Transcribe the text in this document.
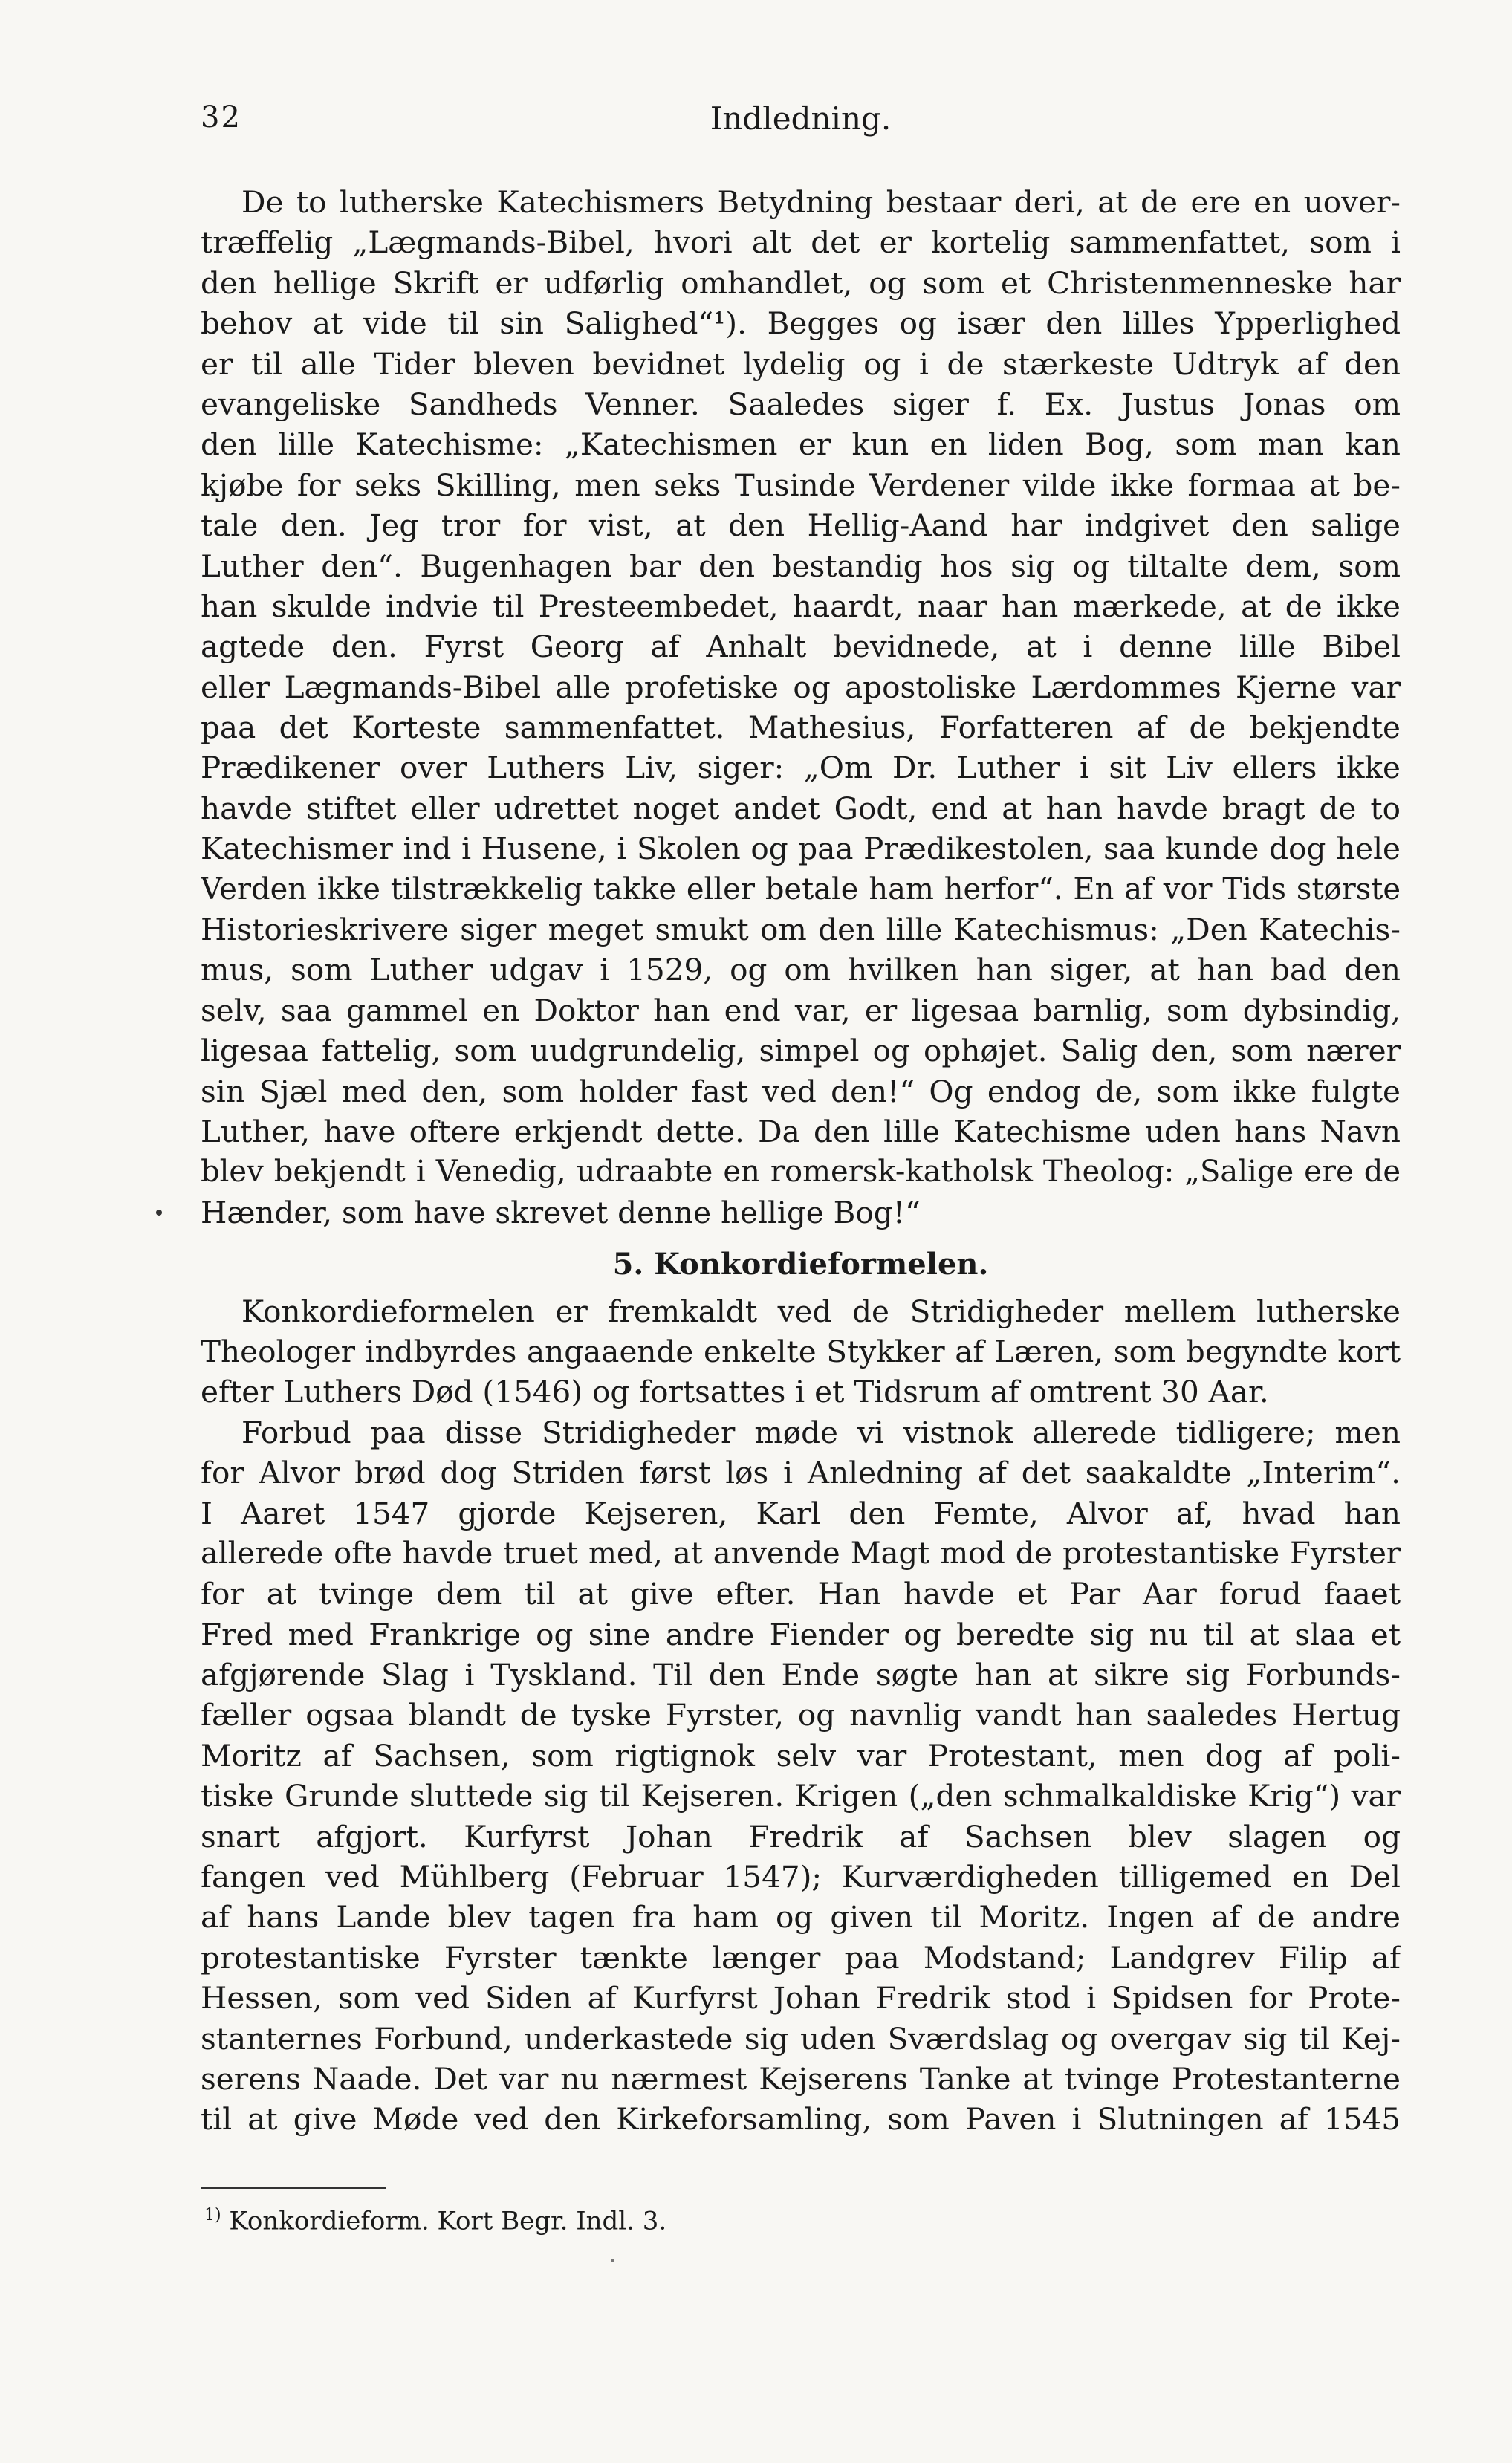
32	Indledning.
De to lutherske Katechismers Betydning bestaar deri, at de ere en uover-
træffelig „Lægmands-Bibel, hvori alt det er kortelig sammenfattet, som i
den hellige Skrift er udførlig omhandlet, og som et Christenmenneske har
behov at vide til sin Salighed“¹). Begges og især den lilles Ypperlighed
er til alle Tider bleven bevidnet lydelig og i de stærkeste Udtryk af den
evangeliske Sandheds Venner. Saaledes siger f. Ex. Justus Jonas om
den lille Katechisme: „Katechismen er kun en liden Bog, som man kan
kjøbe for seks Skilling, men seks Tusinde Verdener vilde ikke formaa at be-
tale den. Jeg tror for vist, at den Hellig-Aand har indgivet den salige
Luther den“. Bugenhagen bar den bestandig hos sig og tiltalte dem, som
han skulde indvie til Presteembedet, haardt, naar han mærkede, at de ikke
agtede den. Fyrst Georg af Anhalt bevidnede, at i denne lille Bibel
eller Lægmands-Bibel alle profetiske og apostoliske Lærdommes Kjerne var
paa det Korteste sammenfattet. Mathesius, Forfatteren af de bekjendte
Prædikener over Luthers Liv, siger: „Om Dr. Luther i sit Liv ellers ikke
havde stiftet eller udrettet noget andet Godt, end at han havde bragt de to
Katechismer ind i Husene, i Skolen og paa Prædikestolen, saa kunde dog hele
Verden ikke tilstrækkelig takke eller betale ham herfor“. En af vor Tids største
Historieskrivere siger meget smukt om den lille Katechismus: „Den Katechis-
mus, som Luther udgav i 1529, og om hvilken han siger, at han bad den
selv, saa gammel en Doktor han end var, er ligesaa barnlig, som dybsindig,
ligesaa fattelig, som uudgrundelig, simpel og ophøjet. Salig den, som nærer
sin Sjæl med den, som holder fast ved den!“ Og endog de, som ikke fulgte
Luther, have oftere erkjendt dette. Da den lille Katechisme uden hans Navn
blev bekjendt i Venedig, udraabte en romersk-katholsk Theolog: „Salige ere de
Hænder, som have skrevet denne hellige Bog!“
5. Konkordieformelen.
Konkordieformelen er fremkaldt ved de Stridigheder mellem lutherske
Theologer indbyrdes angaaende enkelte Stykker af Læren, som begyndte kort
efter Luthers Død (1546) og fortsattes i et Tidsrum af omtrent 30 Aar.
Forbud paa disse Stridigheder møde vi vistnok allerede tidligere; men
for Alvor brød dog Striden først løs i Anledning af det saakaldte „Interim“.
I Aaret 1547 gjorde Kejseren, Karl den Femte, Alvor af, hvad han
allerede ofte havde truet med, at anvende Magt mod de protestantiske Fyrster
for at tvinge dem til at give efter. Han havde et Par Aar forud faaet
Fred med Frankrige og sine andre Fiender og beredte sig nu til at slaa et
afgjørende Slag i Tyskland. Til den Ende søgte han at sikre sig Forbunds-
fæller ogsaa blandt de tyske Fyrster, og navnlig vandt han saaledes Hertug
Moritz af Sachsen, som rigtignok selv var Protestant, men dog af poli-
tiske Grunde sluttede sig til Kejseren. Krigen („den schmalkaldiske Krig“) var
snart afgjort. Kurfyrst Johan Fredrik af Sachsen blev slagen og
fangen ved Mühlberg (Februar 1547); Kurværdigheden tilligemed en Del
af hans Lande blev tagen fra ham og given til Moritz. Ingen af de andre
protestantiske Fyrster tænkte længer paa Modstand; Landgrev Filip af
Hessen, som ved Siden af Kurfyrst Johan Fredrik stod i Spidsen for Prote-
stanternes Forbund, underkastede sig uden Sværdslag og overgav sig til Kej-
serens Naade. Det var nu nærmest Kejserens Tanke at tvinge Protestanterne
til at give Møde ved den Kirkeforsamling, som Paven i Slutningen af 1545
$^{1)}$ Konkordieform. Kort Begr. Indl. 3.
